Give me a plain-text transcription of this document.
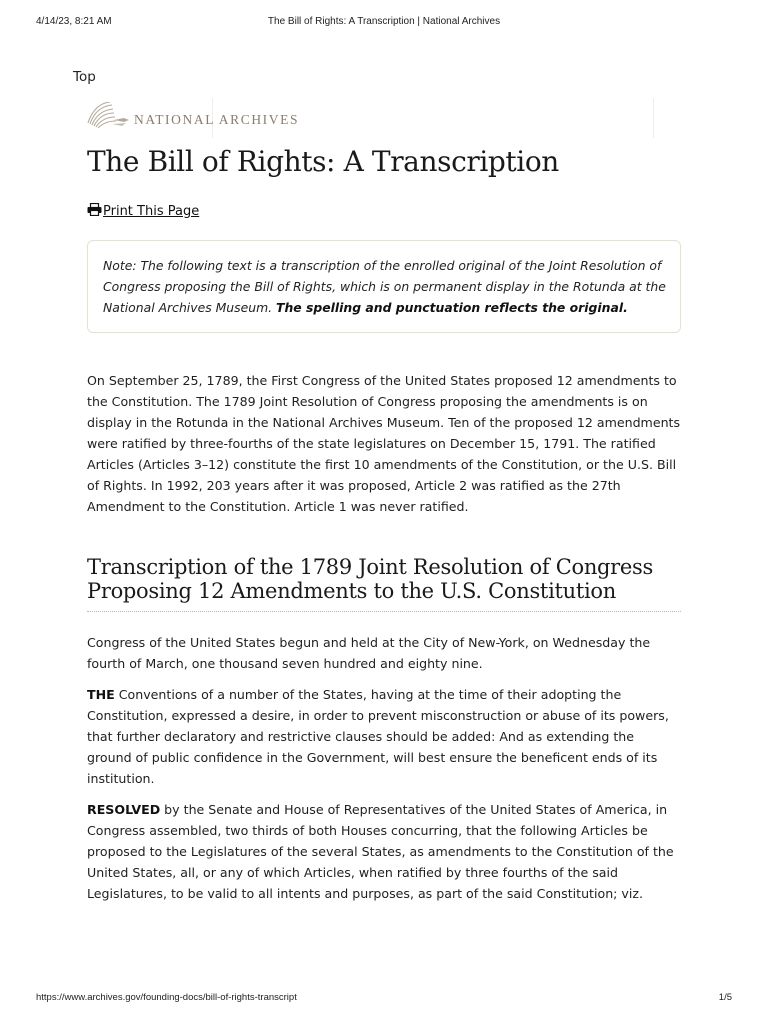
4/14/23, 8:21 AM	The Bill of Rights: A Transcription | National Archives
Top
NATIONAL ARCHIVES
The Bill of Rights: A Transcription
Print This Page
Note: The following text is a transcription of the enrolled original of the Joint Resolution of Congress proposing the Bill of Rights, which is on permanent display in the Rotunda at the National Archives Museum. The spelling and punctuation reflects the original.

On September 25, 1789, the First Congress of the United States proposed 12 amendments to the Constitution. The 1789 Joint Resolution of Congress proposing the amendments is on display in the Rotunda in the National Archives Museum. Ten of the proposed 12 amendments were ratified by three-fourths of the state legislatures on December 15, 1791. The ratified Articles (Articles 3–12) constitute the first 10 amendments of the Constitution, or the U.S. Bill of Rights. In 1992, 203 years after it was proposed, Article 2 was ratified as the 27th Amendment to the Constitution. Article 1 was never ratified.

Transcription of the 1789 Joint Resolution of Congress Proposing 12 Amendments to the U.S. Constitution

Congress of the United States begun and held at the City of New-York, on Wednesday the fourth of March, one thousand seven hundred and eighty nine.

THE Conventions of a number of the States, having at the time of their adopting the Constitution, expressed a desire, in order to prevent misconstruction or abuse of its powers, that further declaratory and restrictive clauses should be added: And as extending the ground of public confidence in the Government, will best ensure the beneficent ends of its institution.

RESOLVED by the Senate and House of Representatives of the United States of America, in Congress assembled, two thirds of both Houses concurring, that the following Articles be proposed to the Legislatures of the several States, as amendments to the Constitution of the United States, all, or any of which Articles, when ratified by three fourths of the said Legislatures, to be valid to all intents and purposes, as part of the said Constitution; viz.

https://www.archives.gov/founding-docs/bill-of-rights-transcript	1/5
